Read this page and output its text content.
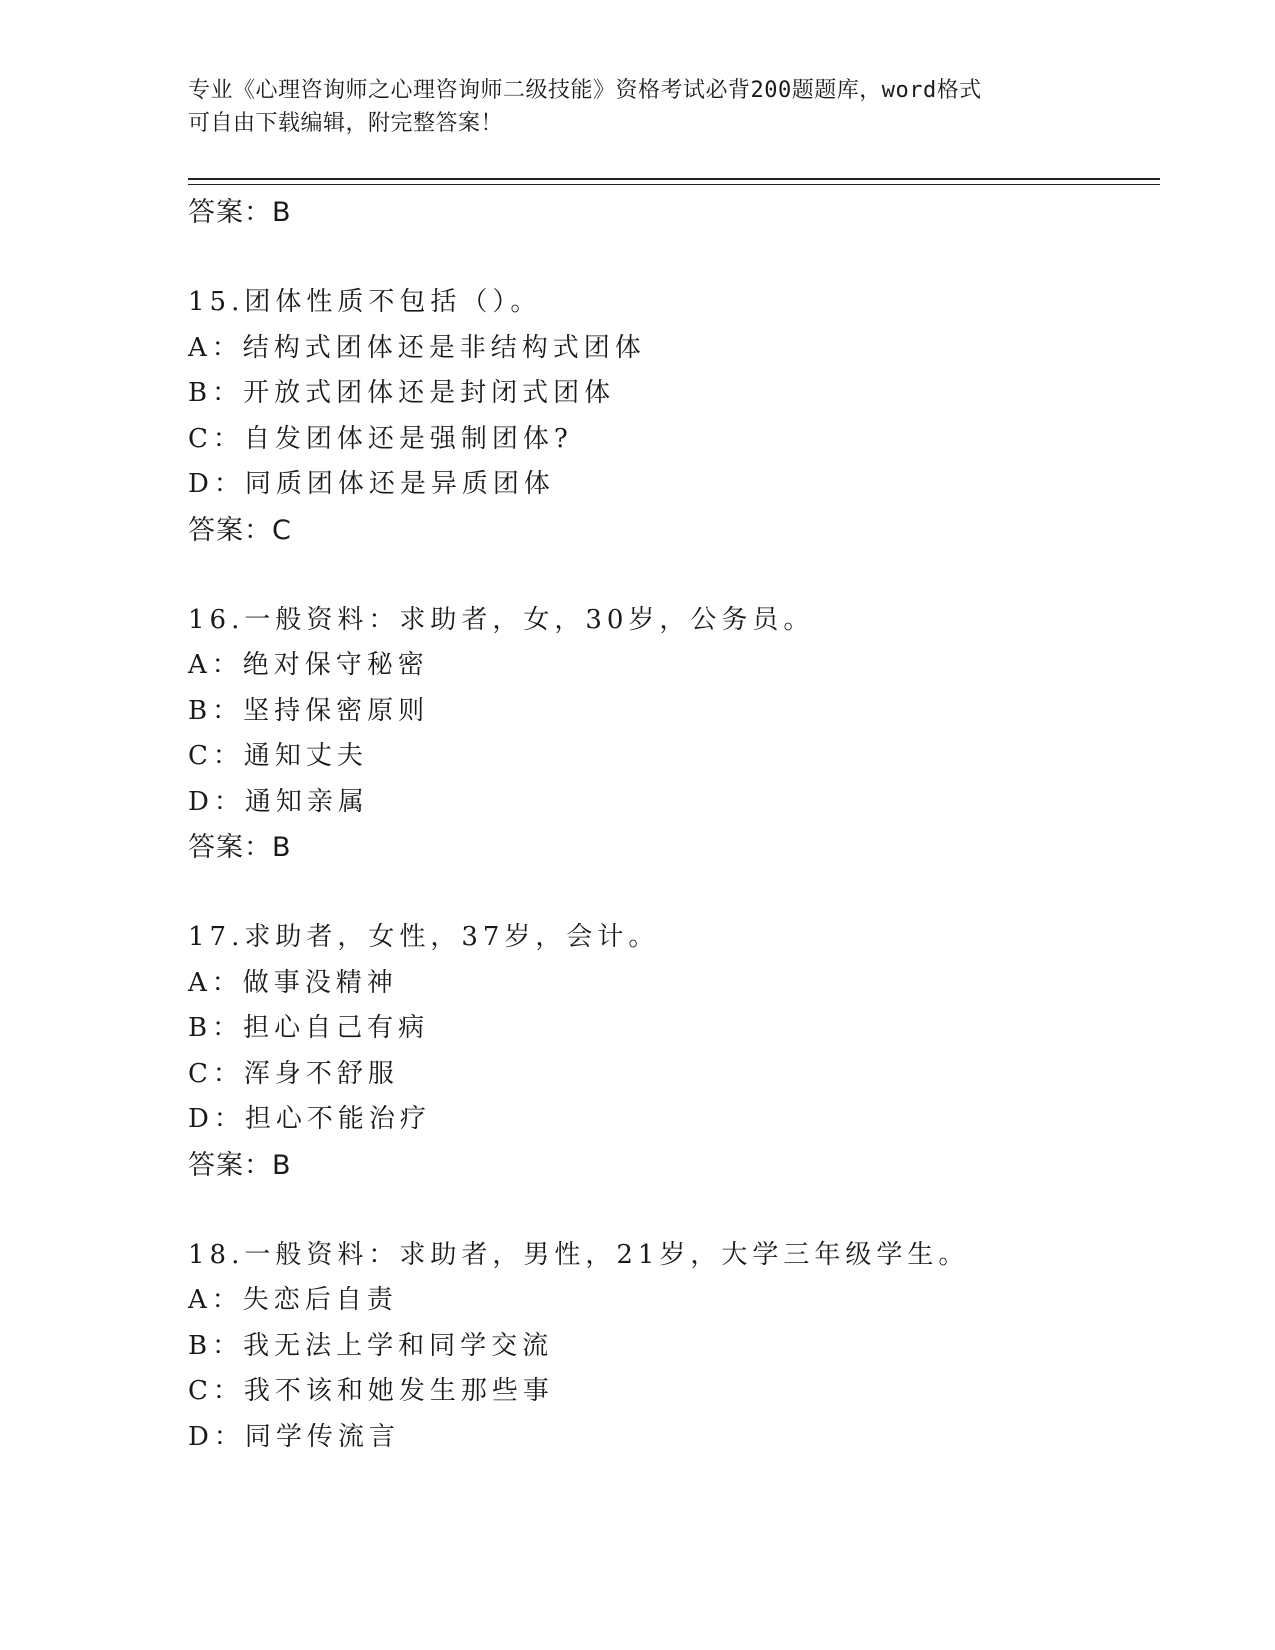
专业《心理咨询师之心理咨询师二级技能》资格考试必背200题题库，word格式
可自由下载编辑，附完整答案！
答案：B
15.团体性质不包括（）。
A：结构式团体还是非结构式团体
B：开放式团体还是封闭式团体
C：自发团体还是强制团体?
D：同质团体还是异质团体
答案：C
16.一般资料：求助者，女，30岁，公务员。
A：绝对保守秘密
B：坚持保密原则
C：通知丈夫
D：通知亲属
答案：B
17.求助者，女性，37岁，会计。
A：做事没精神
B：担心自己有病
C：浑身不舒服
D：担心不能治疗
答案：B
18.一般资料：求助者，男性，21岁，大学三年级学生。
A：失恋后自责
B：我无法上学和同学交流
C：我不该和她发生那些事
D：同学传流言
